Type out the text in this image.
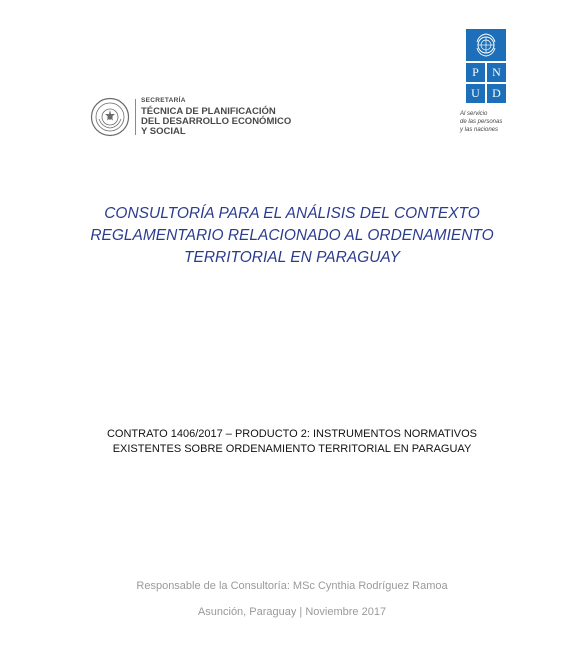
SECRETARÍA
TÉCNICA DE PLANIFICACIÓN
DEL DESARROLLO ECONÓMICO
Y SOCIAL
P	N
U	D
Al servicio
de las personas
y las naciones
CONSULTORÍA PARA EL ANÁLISIS DEL CONTEXTO
REGLAMENTARIO RELACIONADO AL ORDENAMIENTO
TERRITORIAL EN PARAGUAY
CONTRATO 1406/2017 – PRODUCTO 2: INSTRUMENTOS NORMATIVOS
EXISTENTES SOBRE ORDENAMIENTO TERRITORIAL EN PARAGUAY
Responsable de la Consultoría: MSc Cynthia Rodríguez Ramoa
Asunción, Paraguay | Noviembre 2017
